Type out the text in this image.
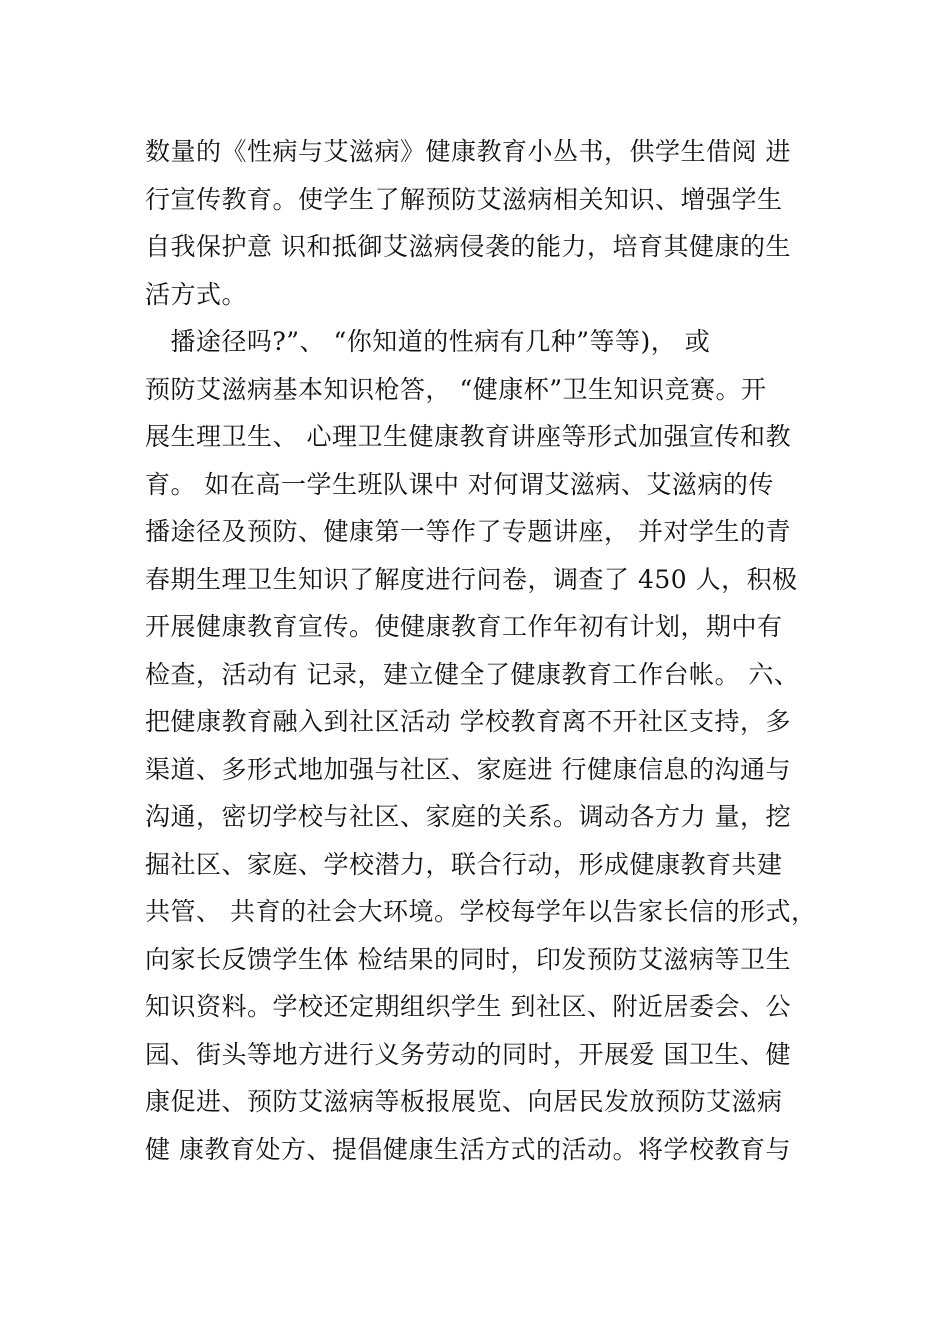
数量的《性病与艾滋病》健康教育小丛书，供学生借阅 进
行宣传教育。使学生了解预防艾滋病相关知识、增强学生
自我保护意 识和抵御艾滋病侵袭的能力，培育其健康的生
活方式。
播途径吗?”、 “你知道的性病有几种”等等)， 或
预防艾滋病基本知识枪答， “健康杯”卫生知识竞赛。开
展生理卫生、 心理卫生健康教育讲座等形式加强宣传和教
育。 如在高一学生班队课中 对何谓艾滋病、艾滋病的传
播途径及预防、健康第一等作了专题讲座， 并对学生的青
春期生理卫生知识了解度进行问卷，调查了 450 人，积极
开展健康教育宣传。使健康教育工作年初有计划，期中有
检查，活动有 记录，建立健全了健康教育工作台帐。 六、
把健康教育融入到社区活动 学校教育离不开社区支持，多
渠道、多形式地加强与社区、家庭进 行健康信息的沟通与
沟通，密切学校与社区、家庭的关系。调动各方力 量，挖
掘社区、家庭、学校潜力，联合行动，形成健康教育共建
共管、 共育的社会大环境。学校每学年以告家长信的形式，
向家长反馈学生体 检结果的同时，印发预防艾滋病等卫生
知识资料。学校还定期组织学生 到社区、附近居委会、公
园、街头等地方进行义务劳动的同时，开展爱 国卫生、健
康促进、预防艾滋病等板报展览、向居民发放预防艾滋病
健 康教育处方、提倡健康生活方式的活动。将学校教育与
